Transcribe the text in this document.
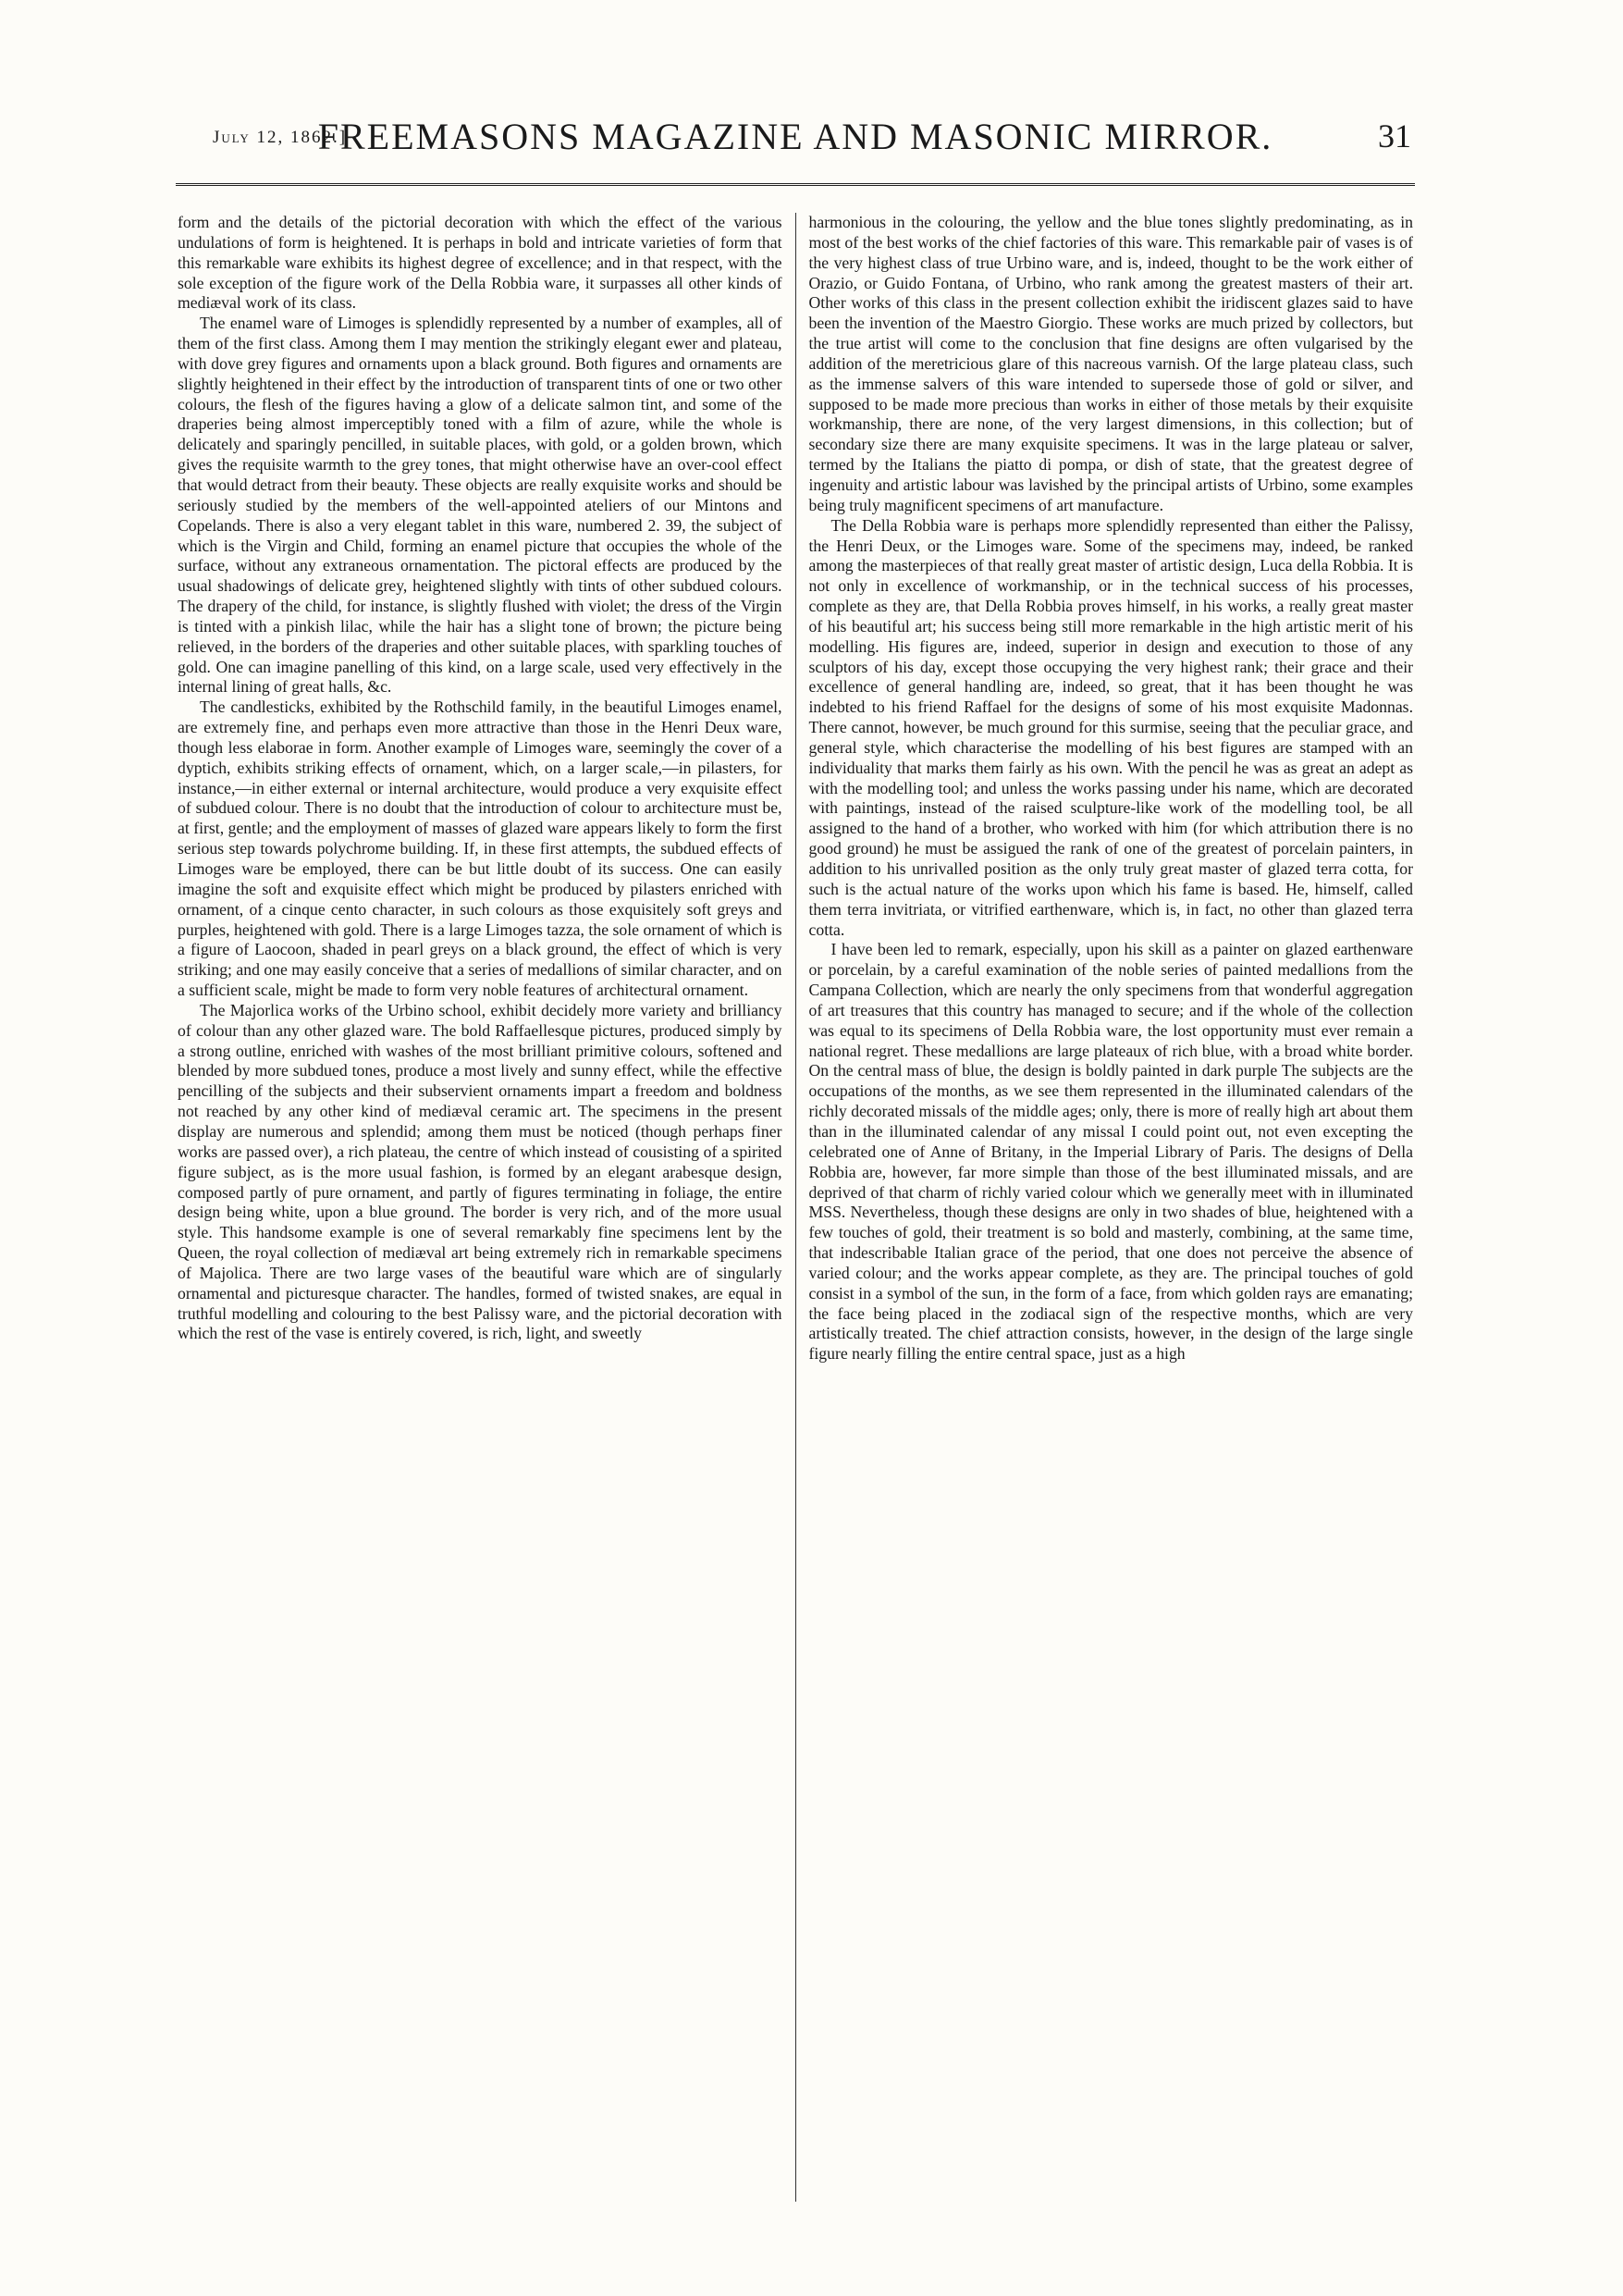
July 12, 1862.]
FREEMASONS MAGAZINE AND MASONIC MIRROR.	31

form and the details of the pictorial decoration with which the effect of the various undulations of form is heightened. It is perhaps in bold and intricate varieties of form that this remarkable ware exhibits its highest degree of excellence; and in that respect, with the sole exception of the figure work of the Della Robbia ware, it surpasses all other kinds of mediæval work of its class.

The enamel ware of Limoges is splendidly represented by a number of examples, all of them of the first class. Among them I may mention the strikingly elegant ewer and plateau, with dove grey figures and ornaments upon a black ground. Both figures and ornaments are slightly heightened in their effect by the introduction of transparent tints of one or two other colours, the flesh of the figures having a glow of a delicate salmon tint, and some of the draperies being almost imperceptibly toned with a film of azure, while the whole is delicately and sparingly pencilled, in suitable places, with gold, or a golden brown, which gives the requisite warmth to the grey tones, that might otherwise have an over-cool effect that would detract from their beauty. These objects are really exquisite works and should be seriously studied by the members of the well-appointed ateliers of our Mintons and Copelands. There is also a very elegant tablet in this ware, numbered 2. 39, the subject of which is the Virgin and Child, forming an enamel picture that occupies the whole of the surface, without any extraneous ornamentation. The pictoral effects are produced by the usual shadowings of delicate grey, heightened slightly with tints of other subdued colours. The drapery of the child, for instance, is slightly flushed with violet; the dress of the Virgin is tinted with a pinkish lilac, while the hair has a slight tone of brown; the picture being relieved, in the borders of the draperies and other suitable places, with sparkling touches of gold. One can imagine panelling of this kind, on a large scale, used very effectively in the internal lining of great halls, &c.

The candlesticks, exhibited by the Rothschild family, in the beautiful Limoges enamel, are extremely fine, and perhaps even more attractive than those in the Henri Deux ware, though less elaborae in form. Another example of Limoges ware, seemingly the cover of a dyptich, exhibits striking effects of ornament, which, on a larger scale,—in pilasters, for instance,—in either external or internal architecture, would produce a very exquisite effect of subdued colour. There is no doubt that the introduction of colour to architecture must be, at first, gentle; and the employment of masses of glazed ware appears likely to form the first serious step towards polychrome building. If, in these first attempts, the subdued effects of Limoges ware be employed, there can be but little doubt of its success. One can easily imagine the soft and exquisite effect which might be produced by pilasters enriched with ornament, of a cinque cento character, in such colours as those exquisitely soft greys and purples, heightened with gold. There is a large Limoges tazza, the sole ornament of which is a figure of Laocoon, shaded in pearl greys on a black ground, the effect of which is very striking; and one may easily conceive that a series of medallions of similar character, and on a sufficient scale, might be made to form very noble features of architectural ornament.

The Majorlica works of the Urbino school, exhibit decidely more variety and brilliancy of colour than any other glazed ware. The bold Raffaellesque pictures, produced simply by a strong outline, enriched with washes of the most brilliant primitive colours, softened and blended by more subdued tones, produce a most lively and sunny effect, while the effective pencilling of the subjects and their subservient ornaments impart a freedom and boldness not reached by any other kind of mediæval ceramic art. The specimens in the present display are numerous and splendid; among them must be noticed (though perhaps finer works are passed over), a rich plateau, the centre of which instead of cousisting of a spirited figure subject, as is the more usual fashion, is formed by an elegant arabesque design, composed partly of pure ornament, and partly of figures terminating in foliage, the entire design being white, upon a blue ground. The border is very rich, and of the more usual style. This handsome example is one of several remarkably fine specimens lent by the Queen, the royal collection of mediæval art being extremely rich in remarkable specimens of Majolica. There are two large vases of the beautiful ware which are of singularly ornamental and picturesque character. The handles, formed of twisted snakes, are equal in truthful modelling and colouring to the best Palissy ware, and the pictorial decoration with which the rest of the vase is entirely covered, is rich, light, and sweetly

harmonious in the colouring, the yellow and the blue tones slightly predominating, as in most of the best works of the chief factories of this ware. This remarkable pair of vases is of the very highest class of true Urbino ware, and is, indeed, thought to be the work either of Orazio, or Guido Fontana, of Urbino, who rank among the greatest masters of their art. Other works of this class in the present collection exhibit the iridiscent glazes said to have been the invention of the Maestro Giorgio. These works are much prized by collectors, but the true artist will come to the conclusion that fine designs are often vulgarised by the addition of the meretricious glare of this nacreous varnish. Of the large plateau class, such as the immense salvers of this ware intended to supersede those of gold or silver, and supposed to be made more precious than works in either of those metals by their exquisite workmanship, there are none, of the very largest dimensions, in this collection; but of secondary size there are many exquisite specimens. It was in the large plateau or salver, termed by the Italians the piatto di pompa, or dish of state, that the greatest degree of ingenuity and artistic labour was lavished by the principal artists of Urbino, some examples being truly magnificent specimens of art manufacture.

The Della Robbia ware is perhaps more splendidly represented than either the Palissy, the Henri Deux, or the Limoges ware. Some of the specimens may, indeed, be ranked among the masterpieces of that really great master of artistic design, Luca della Robbia. It is not only in excellence of workmanship, or in the technical success of his processes, complete as they are, that Della Robbia proves himself, in his works, a really great master of his beautiful art; his success being still more remarkable in the high artistic merit of his modelling. His figures are, indeed, superior in design and execution to those of any sculptors of his day, except those occupying the very highest rank; their grace and their excellence of general handling are, indeed, so great, that it has been thought he was indebted to his friend Raffael for the designs of some of his most exquisite Madonnas. There cannot, however, be much ground for this surmise, seeing that the peculiar grace, and general style, which characterise the modelling of his best figures are stamped with an individuality that marks them fairly as his own. With the pencil he was as great an adept as with the modelling tool; and unless the works passing under his name, which are decorated with paintings, instead of the raised sculpture-like work of the modelling tool, be all assigned to the hand of a brother, who worked with him (for which attribution there is no good ground) he must be assigued the rank of one of the greatest of porcelain painters, in addition to his unrivalled position as the only truly great master of glazed terra cotta, for such is the actual nature of the works upon which his fame is based. He, himself, called them terra invitriata, or vitrified earthenware, which is, in fact, no other than glazed terra cotta.

I have been led to remark, especially, upon his skill as a painter on glazed earthenware or porcelain, by a careful examination of the noble series of painted medallions from the Campana Collection, which are nearly the only specimens from that wonderful aggregation of art treasures that this country has managed to secure; and if the whole of the collection was equal to its specimens of Della Robbia ware, the lost opportunity must ever remain a national regret. These medallions are large plateaux of rich blue, with a broad white border. On the central mass of blue, the design is boldly painted in dark purple The subjects are the occupations of the months, as we see them represented in the illuminated calendars of the richly decorated missals of the middle ages; only, there is more of really high art about them than in the illuminated calendar of any missal I could point out, not even excepting the celebrated one of Anne of Britany, in the Imperial Library of Paris. The designs of Della Robbia are, however, far more simple than those of the best illuminated missals, and are deprived of that charm of richly varied colour which we generally meet with in illuminated MSS. Nevertheless, though these designs are only in two shades of blue, heightened with a few touches of gold, their treatment is so bold and masterly, combining, at the same time, that indescribable Italian grace of the period, that one does not perceive the absence of varied colour; and the works appear complete, as they are. The principal touches of gold consist in a symbol of the sun, in the form of a face, from which golden rays are emanating; the face being placed in the zodiacal sign of the respective months, which are very artistically treated. The chief attraction consists, however, in the design of the large single figure nearly filling the entire central space, just as a high
